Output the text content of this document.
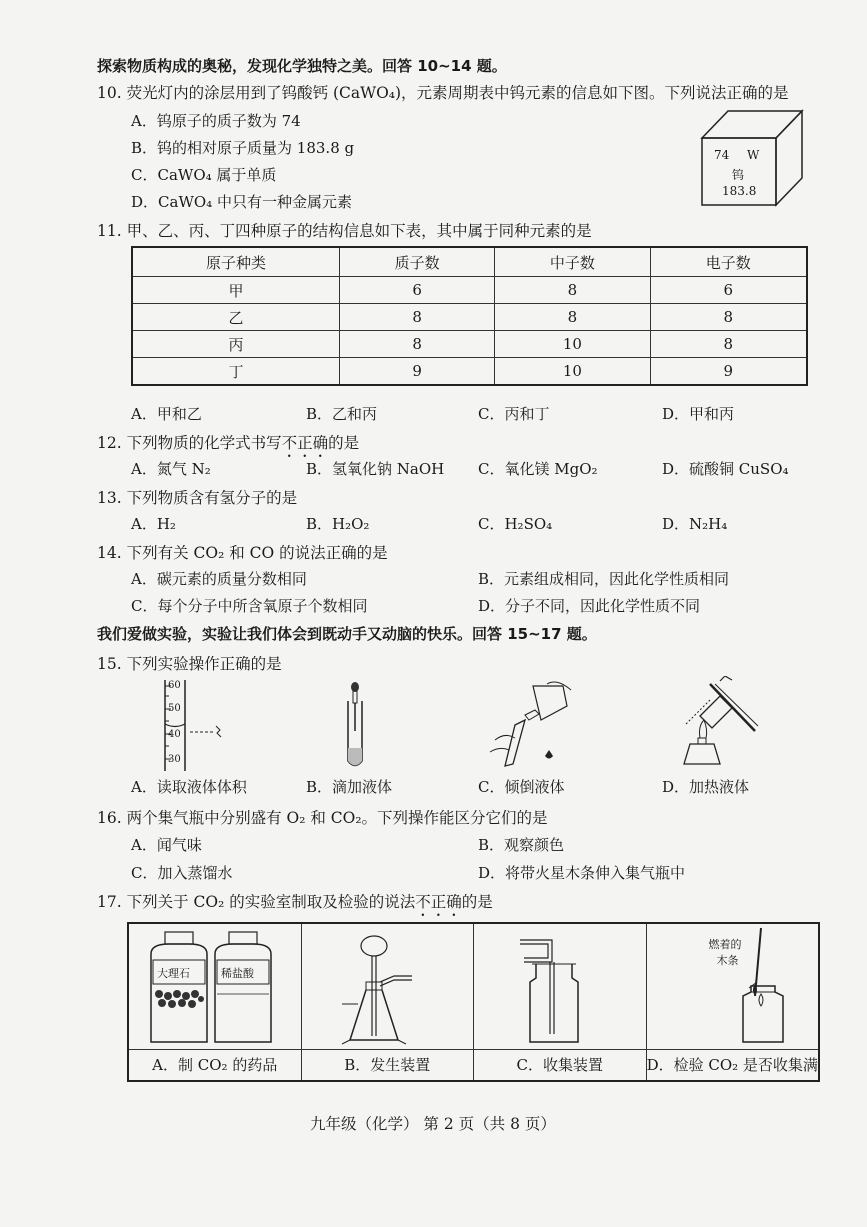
探索物质构成的奥秘，发现化学独特之美。回答 10~14 题。
10. 荧光灯内的涂层用到了钨酸钙 (CaWO₄)，元素周期表中钨元素的信息如下图。下列说法正确的是
A．钨原子的质子数为 74
B．钨的相对原子质量为 183.8 g
C．CaWO₄ 属于单质
D．CaWO₄ 中只有一种金属元素
74 W
钨
183.8
11. 甲、乙、丙、丁四种原子的结构信息如下表，其中属于同种元素的是
原子种类	质子数	中子数	电子数
甲	6	8	6
乙	8	8	8
丙	8	10	8
丁	9	10	9
A．甲和乙	B．乙和丙	C．丙和丁	D．甲和丙
12. 下列物质的化学式书写不正确的是
A．氮气 N₂	B．氢氧化钠 NaOH C．氧化镁 MgO₂	D．硫酸铜 CuSO₄
13. 下列物质含有氢分子的是
A．H₂	B．H₂O₂	C．H₂SO₄	D．N₂H₄
14. 下列有关 CO₂ 和 CO 的说法正确的是
A．碳元素的质量分数相同	B．元素组成相同，因此化学性质相同
C．每个分子中所含氧原子个数相同	D．分子不同，因此化学性质不同
我们爱做实验，实验让我们体会到既动手又动脑的快乐。回答 15~17 题。
15. 下列实验操作正确的是
60
50
40
30
A．读取液体体积	B．滴加液体	C．倾倒液体	D．加热液体
16. 两个集气瓶中分别盛有 O₂ 和 CO₂。下列操作能区分它们的是
A．闻气味	B．观察颜色
C．加入蒸馏水	D．将带火星木条伸入集气瓶中
17. 下列关于 CO₂ 的实验室制取及检验的说法不正确的是
大理石	稀盐酸
A．制 CO₂ 的药品	B．发生装置	C．收集装置
燃着的
木条
D．检验 CO₂ 是否收集满
九年级（化学） 第 2 页（共 8 页）
